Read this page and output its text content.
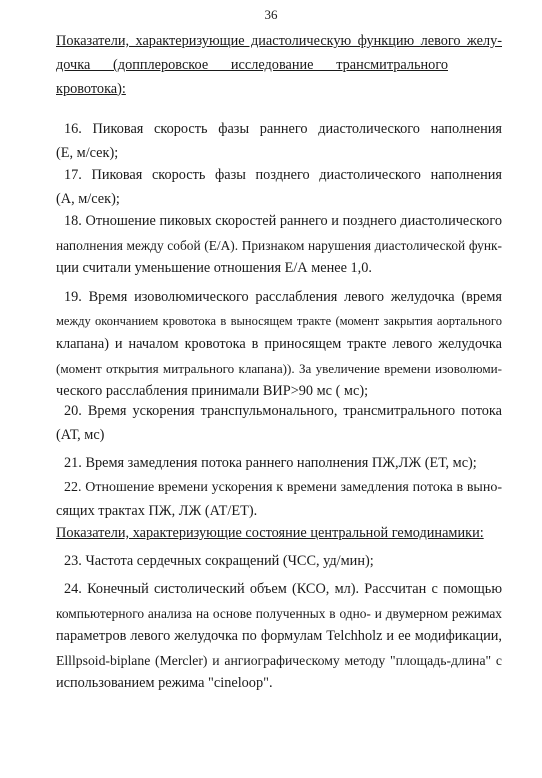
36
Показатели, характеризующие диастолическую функцию левого желу-
дочка (допплеровское исследование трансмитрального кровотока):
16. Пиковая скорость фазы раннего диастолического наполнения
(Е, м/сек);
17. Пиковая скорость фазы позднего диастолического наполнения
(А, м/сек);
18. Отношение пиковых скоростей раннего и позднего диастолического
наполнения между собой (Е/А). Признаком нарушения диастолической функ-
ции считали уменьшение отношения Е/А менее 1,0.
19. Время изоволюмического расслабления левого желудочка (время
между окончанием кровотока в выносящем тракте (момент закрытия аортального
клапана) и началом кровотока в приносящем тракте левого желудочка
(момент открытия митрального клапана)). За увеличение времени изоволюми-
ческого расслабления принимали ВИР>90 мс ( мс);
20. Время ускорения транспульмонального, трансмитрального потока
(АТ, мс)
21. Время замедления потока раннего наполнения ПЖ,ЛЖ (ЕТ, мс);
22. Отношение времени ускорения к времени замедления потока в выно-
сящих трактах ПЖ, ЛЖ (АТ/ЕТ).
Показатели, характеризующие состояние центральной гемодинамики:
23. Частота сердечных сокращений (ЧСС, уд/мин);
24. Конечный систолический объем (КСО, мл). Рассчитан с помощью
компьютерного анализа на основе полученных в одно- и двумерном режимах
параметров левого желудочка по формулам Telchholz и ее модификации,
Elllpsoid-biplane (Mercler) и ангиографическому методу "площадь-длина" с
использованием режима "cineloop".
